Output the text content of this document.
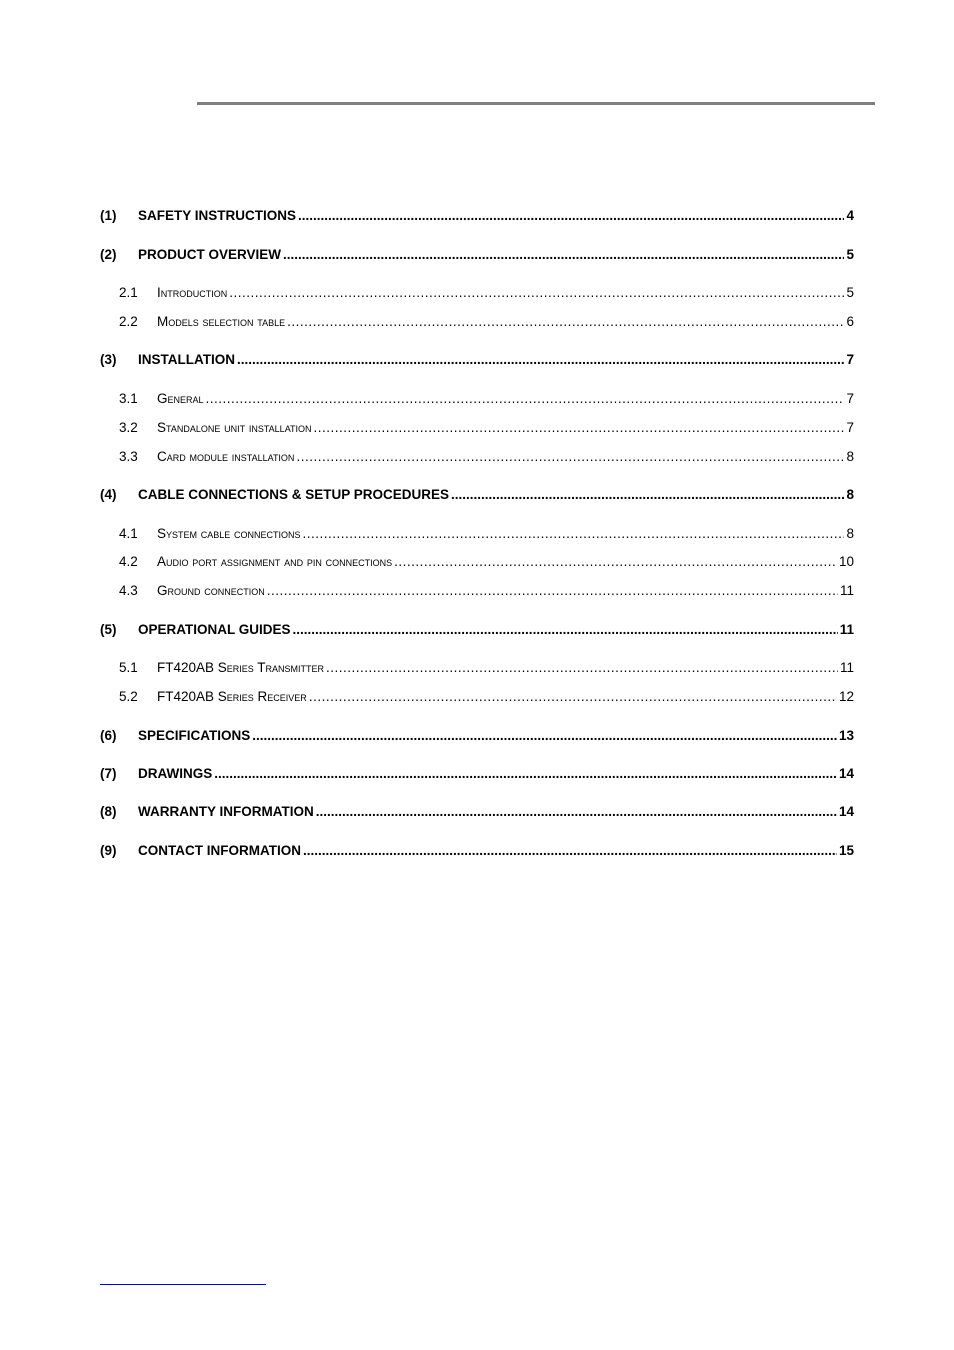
(1)	SAFETY INSTRUCTIONS .....	4
(2)	PRODUCT OVERVIEW .....	5
2.1	Introduction .....	5
2.2	Models selection table .....	6
(3)	INSTALLATION .....	7
3.1	General .....	7
3.2	Standalone unit installation .....	7
3.3	Card module installation .....	8
(4)	CABLE CONNECTIONS & SETUP PROCEDURES .....	8
4.1	System cable connections .....	8
4.2	Audio port assignment and pin connections .....	10
4.3	Ground connection .....	11
(5)	OPERATIONAL GUIDES .....	11
5.1	FT420AB Series Transmitter .....	11
5.2	FT420AB Series Receiver .....	12
(6)	SPECIFICATIONS .....	13
(7)	DRAWINGS .....	14
(8)	WARRANTY INFORMATION .....	14
(9)	CONTACT INFORMATION .....	15
